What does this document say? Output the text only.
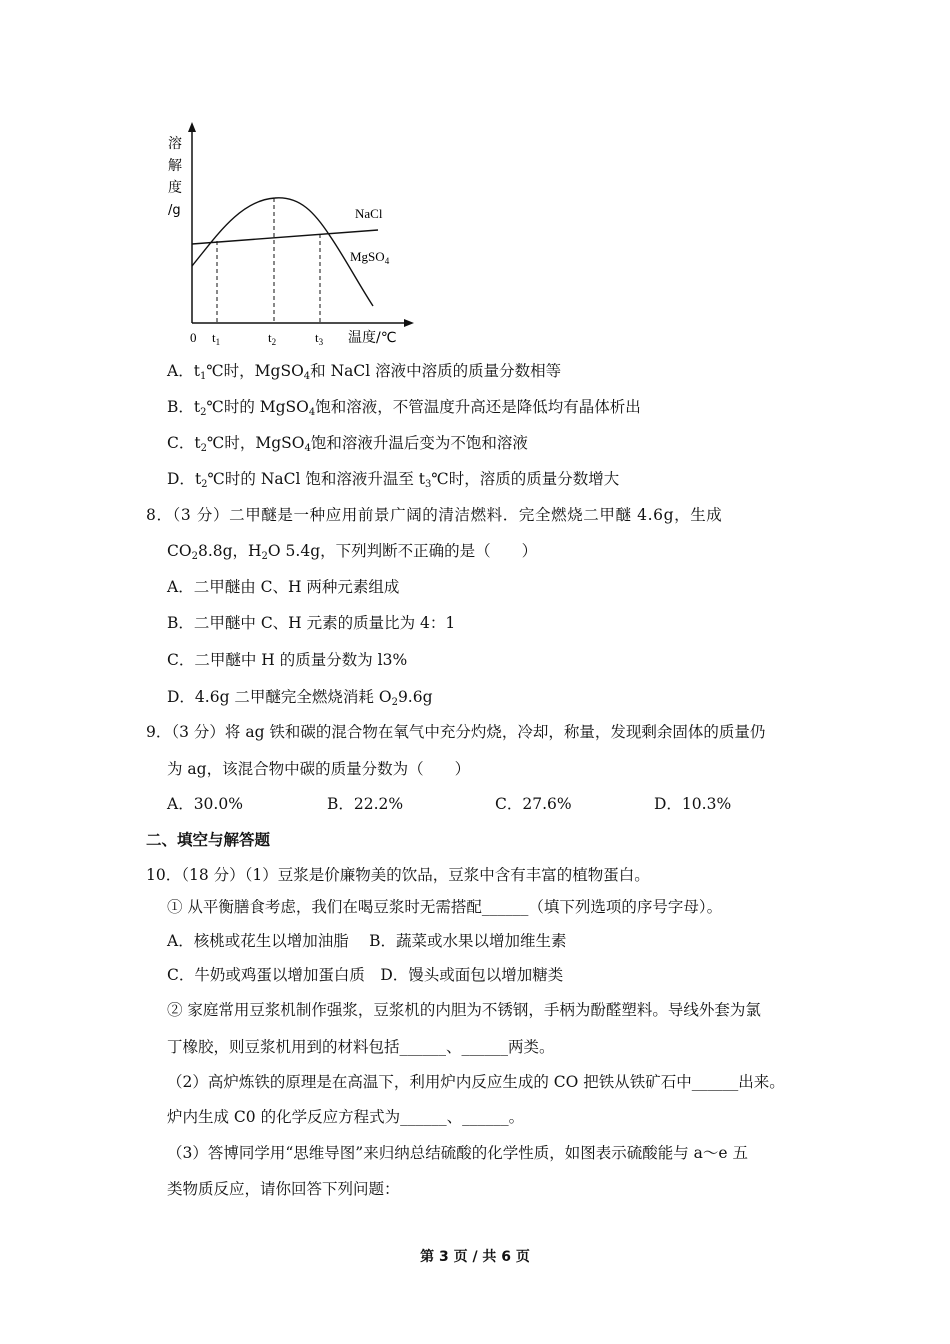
溶
解
度
/g	NaCl
MgSO$_4$
0 $t_1$	$t_2$	$t_3$ 温度/℃
A．$t_1℃$时，MgSO$_4$和 NaCl 溶液中溶质的质量分数相等
B．$t_2℃$时的 MgSO$_4$饱和溶液，不管温度升高还是降低均有晶体析出
C．$t_2℃$时，MgSO$_4$饱和溶液升温后变为不饱和溶液
D．$t_2℃$时的 NaCl 饱和溶液升温至 $t_3℃$时，溶质的质量分数增大
8．（3 分）二甲醚是一种应用前景广阔的清洁燃料．完全燃烧二甲醚 4.6g，生成
$CO_28.8g$，$H_2O$ 5.4g，下列判断不正确的是（　　）
A．二甲醚由 C、H 两种元素组成
B．二甲醚中 C、H 元素的质量比为 4：1
C．二甲醚中 H 的质量分数为 l3%
D．4.6g 二甲醚完全燃烧消耗 $O_29.6g$
9．（3 分）将 ag 铁和碳的混合物在氧气中充分灼烧，冷却，称量，发现剩余固体的质量仍
为 ag，该混合物中碳的质量分数为（　　）
A．30.0%	B．22.2%	C．27.6%	D．10.3%
二、填空与解答题
10．（18 分）（1）豆浆是价廉物美的饮品，豆浆中含有丰富的植物蛋白。
① 从平衡膳食考虑，我们在喝豆浆时无需搭配______（填下列选项的序号字母）。
A．核桃或花生以增加油脂　 B．蔬菜或水果以增加维生素
C．牛奶或鸡蛋以增加蛋白质　D．馒头或面包以增加糖类
② 家庭常用豆浆机制作强浆，豆浆机的内胆为不锈钢，手柄为酚醛塑料。导线外套为氯
丁橡胶，则豆浆机用到的材料包括______、______两类。
（2）高炉炼铁的原理是在高温下，利用炉内反应生成的 CO 把铁从铁矿石中______出来。
炉内生成 C0 的化学反应方程式为______、______。
（3）答博同学用“思维导图”来归纳总结硫酸的化学性质，如图表示硫酸能与 a～e 五
类物质反应，请你回答下列问题：
第 3 页 / 共 6 页
